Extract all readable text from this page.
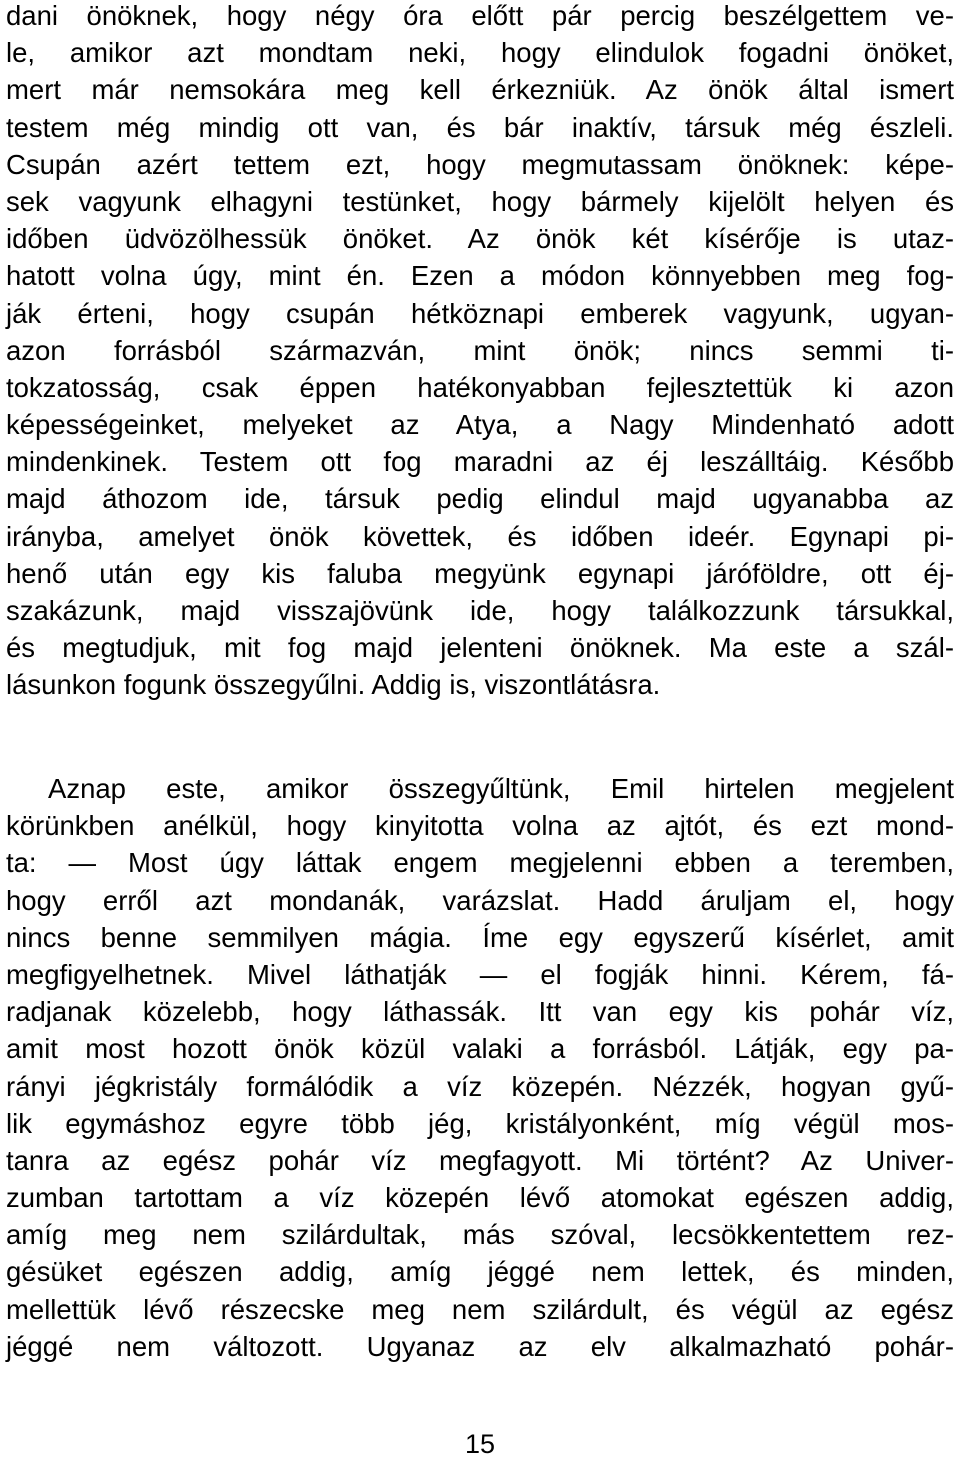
dani önöknek, hogy négy óra előtt pár percig beszélgettem ve-
le, amikor azt mondtam neki, hogy elindulok fogadni önöket,
mert már nemsokára meg kell érkezniük. Az önök által ismert
testem még mindig ott van, és bár inaktív, társuk még észleli.
Csupán azért tettem ezt, hogy megmutassam önöknek: képe-
sek vagyunk elhagyni testünket, hogy bármely kijelölt helyen és
időben üdvözölhessük önöket. Az önök két kísérője is utaz-
hatott volna úgy, mint én. Ezen a módon könnyebben meg fog-
ják érteni, hogy csupán hétköznapi emberek vagyunk, ugyan-
azon forrásból származván, mint önök; nincs semmi ti-
tokzatosság, csak éppen hatékonyabban fejlesztettük ki azon
képességeinket, melyeket az Atya, a Nagy Mindenható adott
mindenkinek. Testem ott fog maradni az éj leszálltáig. Később
majd áthozom ide, társuk pedig elindul majd ugyanabba az
irányba, amelyet önök követtek, és időben ideér. Egynapi pi-
henő után egy kis faluba megyünk egynapi járóföldre, ott éj-
szakázunk, majd visszajövünk ide, hogy találkozzunk társukkal,
és megtudjuk, mit fog majd jelenteni önöknek. Ma este a szál-
lásunkon fogunk összegyűlni. Addig is, viszontlátásra.
Aznap este, amikor összegyűltünk, Emil hirtelen megjelent
körünkben anélkül, hogy kinyitotta volna az ajtót, és ezt mond-
ta: — Most úgy láttak engem megjelenni ebben a teremben,
hogy erről azt mondanák, varázslat. Hadd áruljam el, hogy
nincs benne semmilyen mágia. Íme egy egyszerű kísérlet, amit
megfigyelhetnek. Mivel láthatják — el fogják hinni. Kérem, fá-
radjanak közelebb, hogy láthassák. Itt van egy kis pohár víz,
amit most hozott önök közül valaki a forrásból. Látják, egy pa-
rányi jégkristály formálódik a víz közepén. Nézzék, hogyan gyű-
lik egymáshoz egyre több jég, kristályonként, míg végül mos-
tanra az egész pohár víz megfagyott. Mi történt? Az Univer-
zumban tartottam a víz közepén lévő atomokat egészen addig,
amíg meg nem szilárdultak, más szóval, lecsökkentettem rez-
gésüket egészen addig, amíg jéggé nem lettek, és minden,
mellettük lévő részecske meg nem szilárdult, és végül az egész
jéggé nem változott. Ugyanaz az elv alkalmazható pohár-
15
